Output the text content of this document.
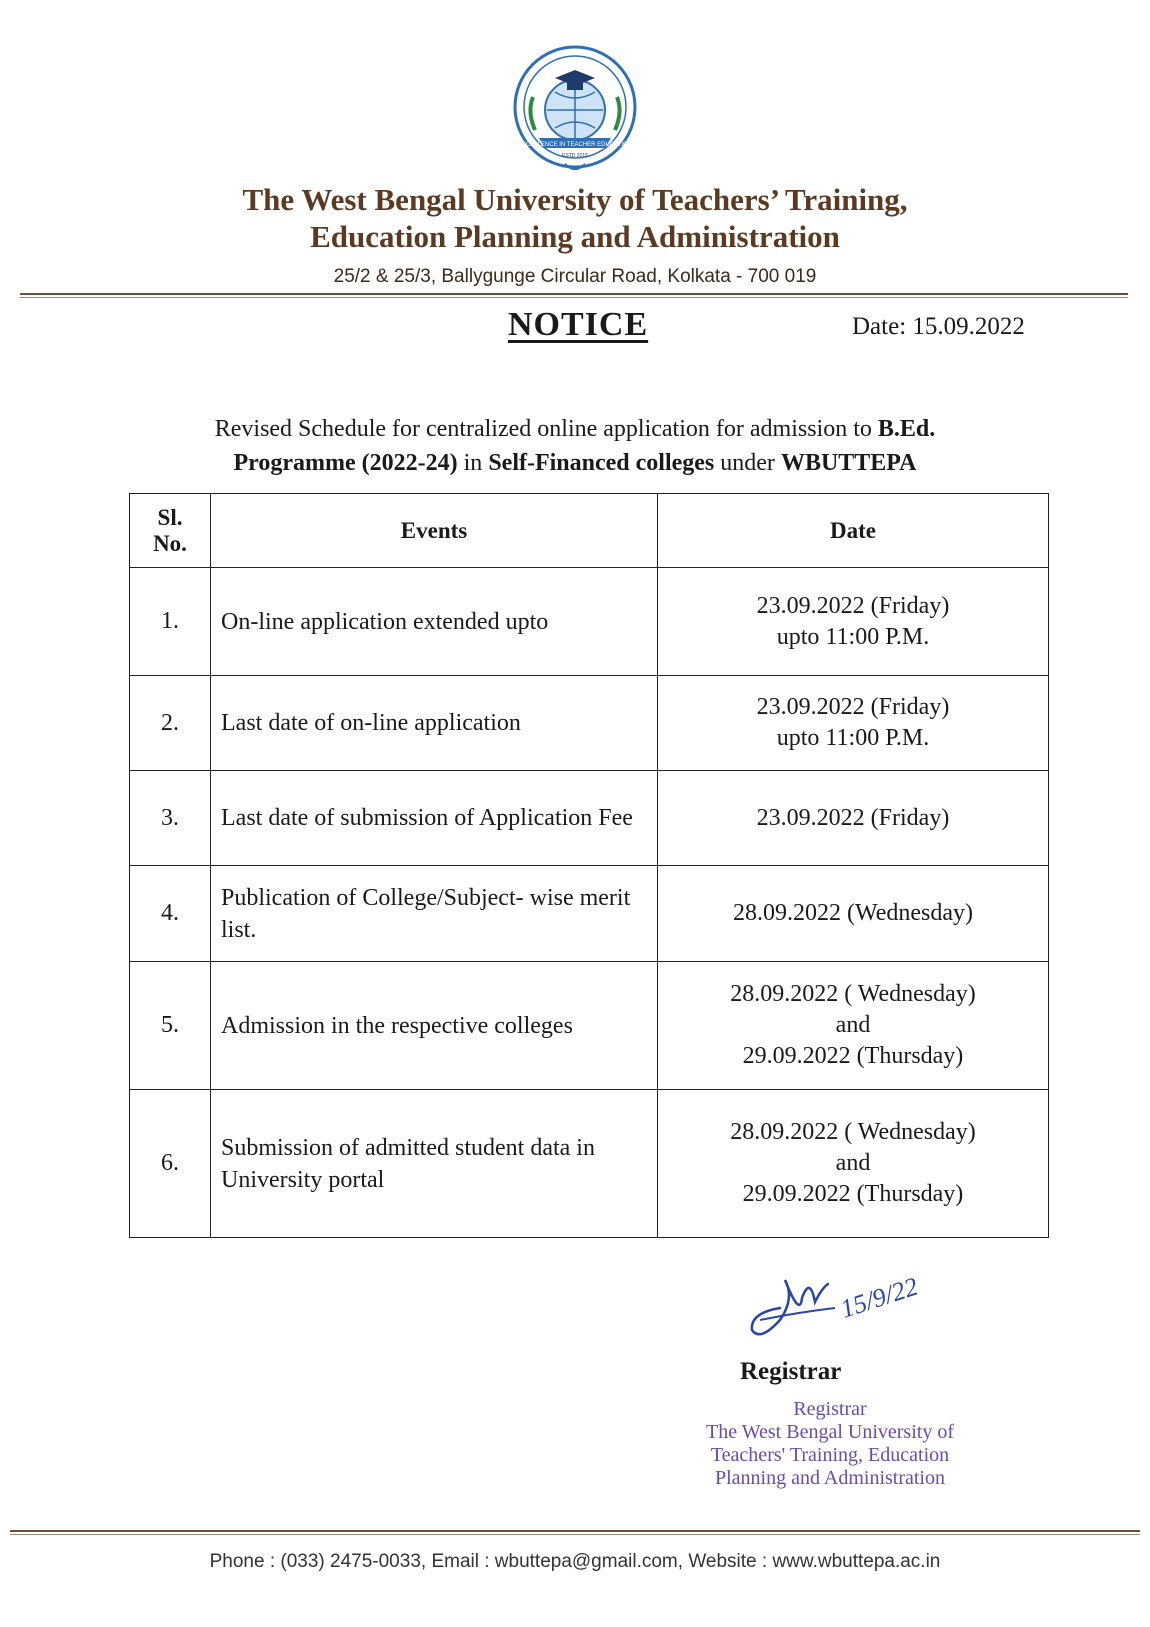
EXCELLENCE IN TEACHER EDUCATION
ESTD 2015
The West Bengal University of Teachers’ Training,
Education Planning and Administration
25/2 & 25/3, Ballygunge Circular Road, Kolkata - 700 019
NOTICE	Date: 15.09.2022
Revised Schedule for centralized online application for admission to B.Ed.
Programme (2022-24) in Self-Financed colleges under WBUTTEPA
Sl.
No.	Events	Date
1.	On-line application extended upto	23.09.2022 (Friday)
upto 11:00 P.M.

2.	Last date of on-line application	23.09.2022 (Friday)
upto 11:00 P.M.

3.	Last date of submission of Application Fee	23.09.2022 (Friday)

4.	Publication of College/Subject- wise merit list.	28.09.2022 (Wednesday)

5.	Admission in the respective colleges	28.09.2022 ( Wednesday)
and
29.09.2022 (Thursday)

6.	Submission of admitted student data in University portal	28.09.2022 ( Wednesday)
and
29.09.2022 (Thursday)
15/9/22
Registrar
Registrar
The West Bengal University of
Teachers' Training, Education
Planning and Administration
Phone : (033) 2475-0033, Email : wbuttepa@gmail.com, Website : www.wbuttepa.ac.in
